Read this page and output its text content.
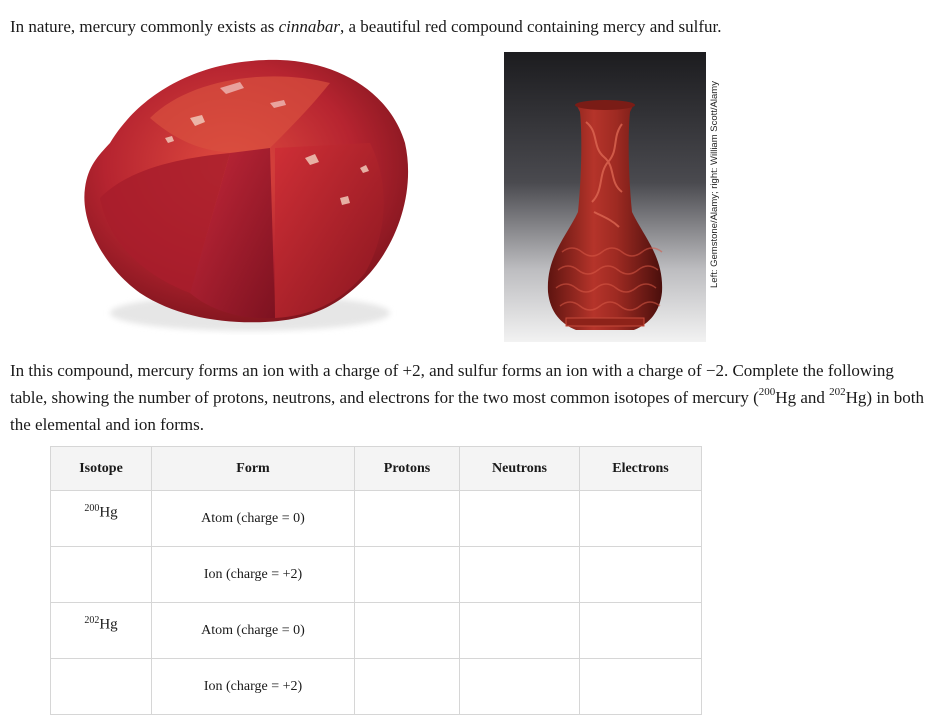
In nature, mercury commonly exists as cinnabar, a beautiful red compound containing mercy and sulfur.
Left: Gemstone/Alamy; right: William Scott/Alamy
In this compound, mercury forms an ion with a charge of +2, and sulfur forms an ion with a charge of −2. Complete the following table, showing the number of protons, neutrons, and electrons for the two most common isotopes of mercury ($^{200}$Hg and $^{202}$Hg) in both the elemental and ion forms.
Isotope	Form	Protons	Neutrons	Electrons
$^{200}$Hg	Atom (charge = 0)			
	Ion (charge = +2)			
$^{202}$Hg	Atom (charge = 0)			
	Ion (charge = +2)			
